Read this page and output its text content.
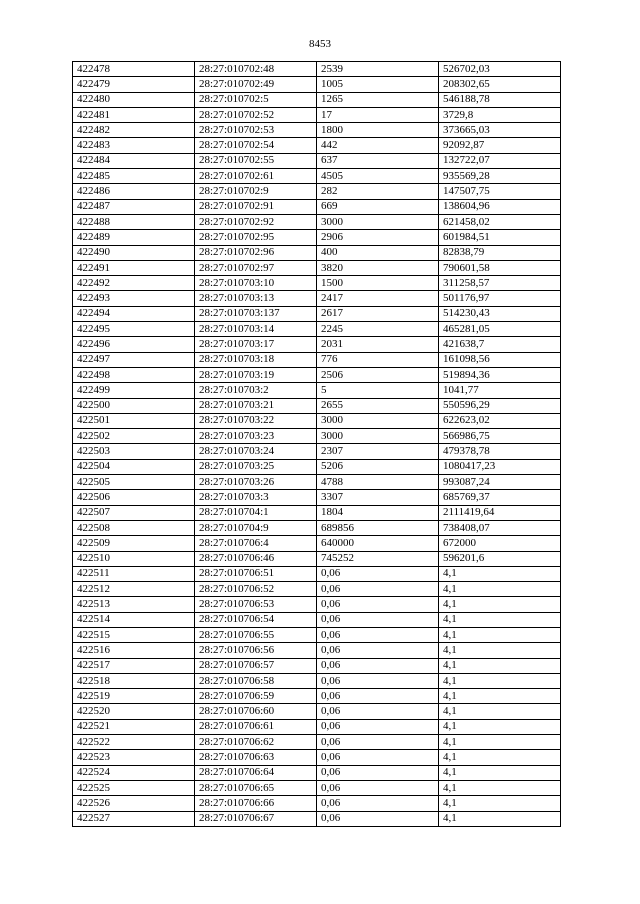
8453
422478	28:27:010702:48	2539	526702,03
422479	28:27:010702:49	1005	208302,65
422480	28:27:010702:5	1265	546188,78
422481	28:27:010702:52	17	3729,8
422482	28:27:010702:53	1800	373665,03
422483	28:27:010702:54	442	92092,87
422484	28:27:010702:55	637	132722,07
422485	28:27:010702:61	4505	935569,28
422486	28:27:010702:9	282	147507,75
422487	28:27:010702:91	669	138604,96
422488	28:27:010702:92	3000	621458,02
422489	28:27:010702:95	2906	601984,51
422490	28:27:010702:96	400	82838,79
422491	28:27:010702:97	3820	790601,58
422492	28:27:010703:10	1500	311258,57
422493	28:27:010703:13	2417	501176,97
422494	28:27:010703:137	2617	514230,43
422495	28:27:010703:14	2245	465281,05
422496	28:27:010703:17	2031	421638,7
422497	28:27:010703:18	776	161098,56
422498	28:27:010703:19	2506	519894,36
422499	28:27:010703:2	5	1041,77
422500	28:27:010703:21	2655	550596,29
422501	28:27:010703:22	3000	622623,02
422502	28:27:010703:23	3000	566986,75
422503	28:27:010703:24	2307	479378,78
422504	28:27:010703:25	5206	1080417,23
422505	28:27:010703:26	4788	993087,24
422506	28:27:010703:3	3307	685769,37
422507	28:27:010704:1	1804	2111419,64
422508	28:27:010704:9	689856	738408,07
422509	28:27:010706:4	640000	672000
422510	28:27:010706:46	745252	596201,6
422511	28:27:010706:51	0,06	4,1
422512	28:27:010706:52	0,06	4,1
422513	28:27:010706:53	0,06	4,1
422514	28:27:010706:54	0,06	4,1
422515	28:27:010706:55	0,06	4,1
422516	28:27:010706:56	0,06	4,1
422517	28:27:010706:57	0,06	4,1
422518	28:27:010706:58	0,06	4,1
422519	28:27:010706:59	0,06	4,1
422520	28:27:010706:60	0,06	4,1
422521	28:27:010706:61	0,06	4,1
422522	28:27:010706:62	0,06	4,1
422523	28:27:010706:63	0,06	4,1
422524	28:27:010706:64	0,06	4,1
422525	28:27:010706:65	0,06	4,1
422526	28:27:010706:66	0,06	4,1
422527	28:27:010706:67	0,06	4,1
